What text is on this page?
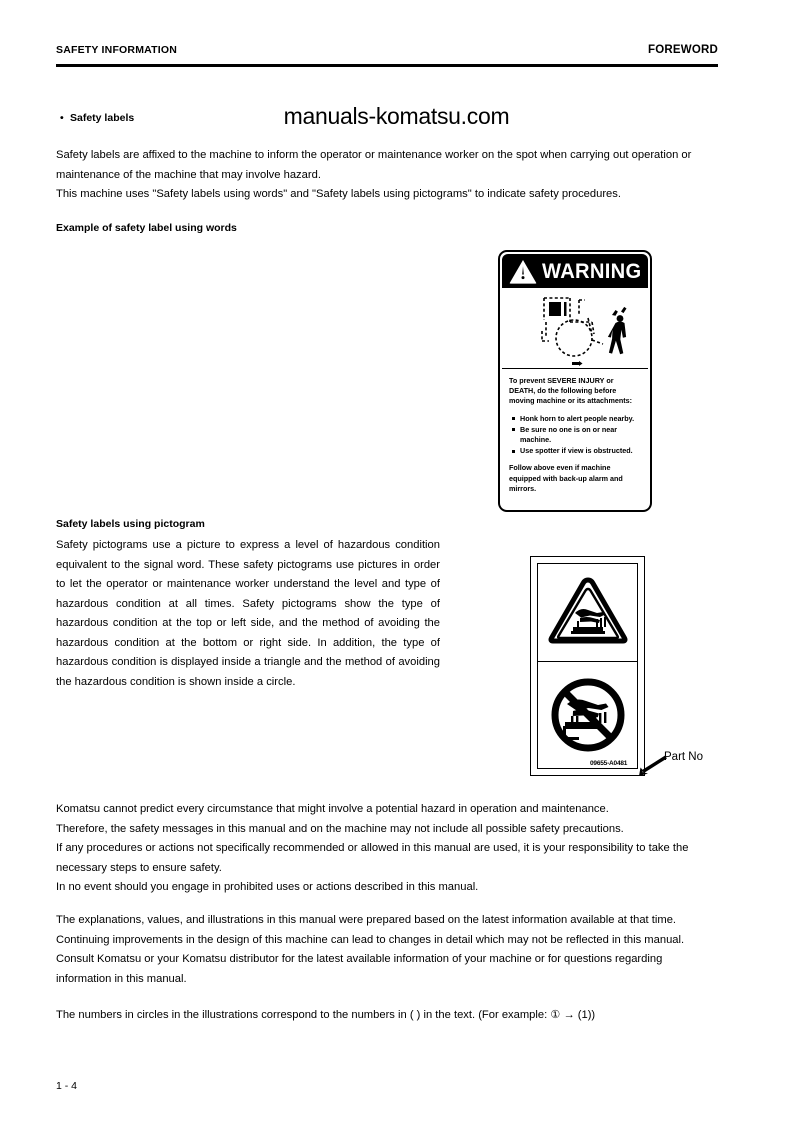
SAFETY INFORMATION	FOREWORD
manuals-komatsu.com
• Safety labels
Safety labels are affixed to the machine to inform the operator or maintenance worker on the spot when carrying out operation or maintenance of the machine that may involve hazard.
This machine uses "Safety labels using words" and "Safety labels using pictograms" to indicate safety procedures.
Example of safety label using words
WARNING

To prevent SEVERE INJURY or DEATH, do the following before moving machine or its attachments:

Honk horn to alert people nearby.
Be sure no one is on or near machine.
Use spotter if view is obstructed.

Follow above even if machine equipped with back-up alarm and mirrors.

Safety labels using pictogram
Safety pictograms use a picture to express a level of hazardous condition equivalent to the signal word. These safety pictograms use pictures in order to let the operator or maintenance worker understand the level and type of hazardous condition at all times. Safety pictograms show the type of hazardous condition at the top or left side, and the method of avoiding the hazardous condition at the bottom or right side. In addition, the type of hazardous condition is displayed inside a triangle and the method of avoiding the hazardous condition is shown inside a circle.
09655-A0481
Part No
Komatsu cannot predict every circumstance that might involve a potential hazard in operation and maintenance.
Therefore, the safety messages in this manual and on the machine may not include all possible safety precautions.
If any procedures or actions not specifically recommended or allowed in this manual are used, it is your responsibility to take the necessary steps to ensure safety.
In no event should you engage in prohibited uses or actions described in this manual.
The explanations, values, and illustrations in this manual were prepared based on the latest information available at that time. Continuing improvements in the design of this machine can lead to changes in detail which may not be reflected in this manual. Consult Komatsu or your Komatsu distributor for the latest available information of your machine or for questions regarding information in this manual.
The numbers in circles in the illustrations correspond to the numbers in ( ) in the text. (For example: ① → (1))
1 - 4
